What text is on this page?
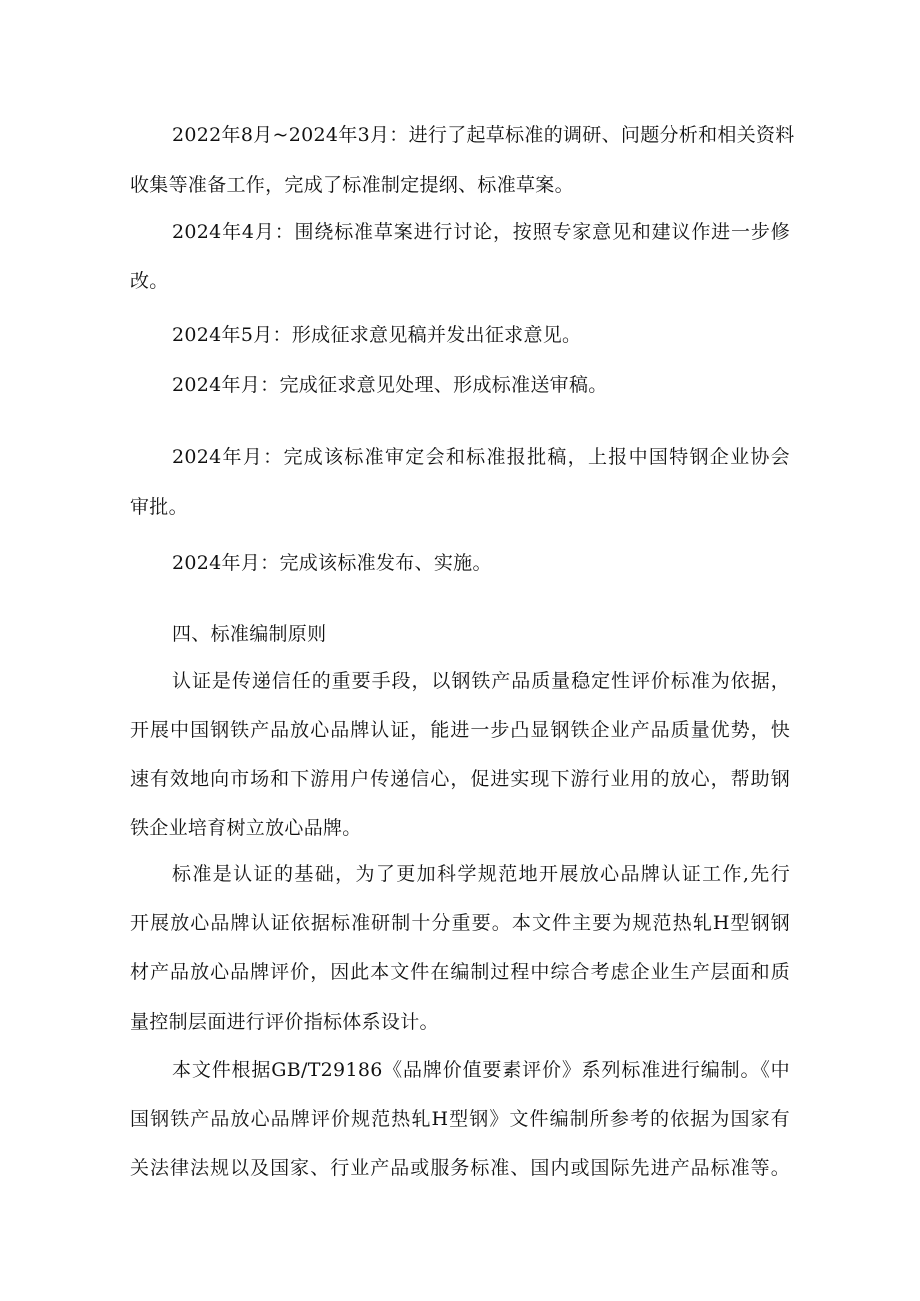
2022年8月~2024年3月：进行了起草标准的调研、问题分析和相关资料
收集等准备工作，完成了标准制定提纲、标准草案。
2024年4月：围绕标准草案进行讨论，按照专家意见和建议作进一步修
改。
2024年5月：形成征求意见稿并发出征求意见。
2024年月：完成征求意见处理、形成标准送审稿。
2024年月：完成该标准审定会和标准报批稿，上报中国特钢企业协会
审批。
2024年月：完成该标准发布、实施。
四、标准编制原则
认证是传递信任的重要手段，以钢铁产品质量稳定性评价标准为依据，
开展中国钢铁产品放心品牌认证，能进一步凸显钢铁企业产品质量优势，快
速有效地向市场和下游用户传递信心，促进实现下游行业用的放心，帮助钢
铁企业培育树立放心品牌。
标准是认证的基础，为了更加科学规范地开展放心品牌认证工作,先行
开展放心品牌认证依据标准研制十分重要。本文件主要为规范热轧H型钢钢
材产品放心品牌评价，因此本文件在编制过程中综合考虑企业生产层面和质
量控制层面进行评价指标体系设计。
本文件根据GB/T29186《品牌价值要素评价》系列标准进行编制。《中
国钢铁产品放心品牌评价规范热轧H型钢》文件编制所参考的依据为国家有
关法律法规以及国家、行业产品或服务标准、国内或国际先进产品标准等。
